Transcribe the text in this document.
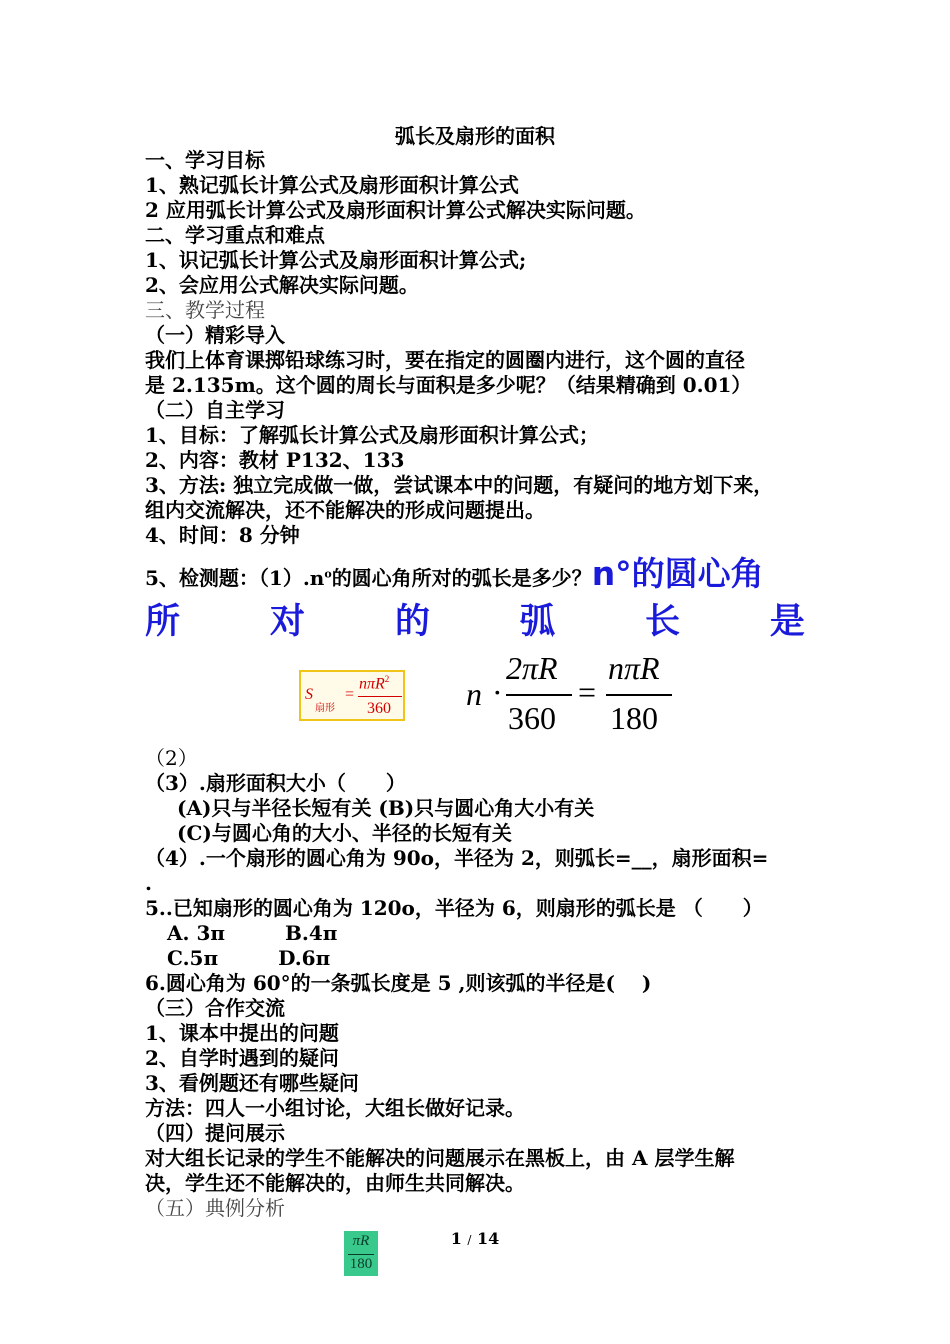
弧长及扇形的面积
一、学习目标
1、熟记弧长计算公式及扇形面积计算公式
2 应用弧长计算公式及扇形面积计算公式解决实际问题。
二、学习重点和难点
1、识记弧长计算公式及扇形面积计算公式;
2、会应用公式解决实际问题。
三、教学过程
（一）精彩导入
我们上体育课掷铅球练习时，要在指定的圆圈内进行，这个圆的直径
是 2.135m。这个圆的周长与面积是多少呢？（结果精确到 0.01）
（二）自主学习
1、目标：了解弧长计算公式及扇形面积计算公式；
2、内容：教材 P132、133
3、方法: 独立完成做一做，尝试课本中的问题，有疑问的地方划下来，
组内交流解决，还不能解决的形成问题提出。
4、时间：8 分钟
5、检测题：$(1).n^o$的圆心角所对的弧长是多少？n°的圆心角
所	对	的	弧	长	是
S
扇形
=
nπR$^2$
360 n ·
2πR
360
=
nπR
180
（2）
（3）.扇形面积大小（　　）
(A)只与半径长短有关 (B)只与圆心角大小有关
(C)与圆心角的大小、半径的长短有关
（4）.一个扇形的圆心角为 90o，半径为 2，则弧长=__，扇形面积=
.
5..已知扇形的圆心角为 120o，半径为 6，则扇形的弧长是 （　　）
A. 3π　　　B.4π
C.5π　　　D.6π
6.圆心角为 60°的一条弧长度是 5 ,则该弧的半径是(　 )
（三）合作交流
1、课本中提出的问题
2、自学时遇到的疑问
3、看例题还有哪些疑问
方法：四人一小组讨论，大组长做好记录。
（四）提问展示
对大组长记录的学生不能解决的问题展示在黑板上，由 A 层学生解
决，学生还不能解决的，由师生共同解决。
（五）典例分析
1 / 14
πR
180
